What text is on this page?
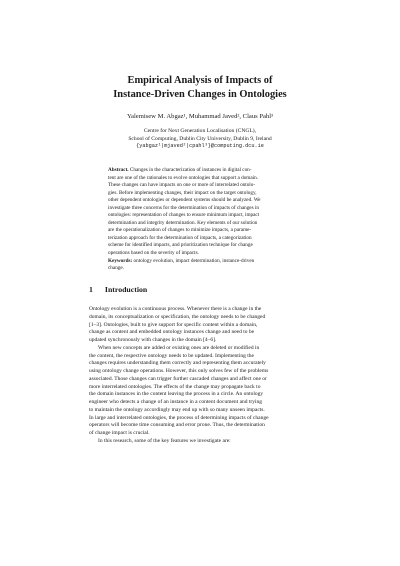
Empirical Analysis of Impacts of
Instance-Driven Changes in Ontologies
Yalemisew M. Abgaz¹, Muhammad Javed², Claus Pahl³
Centre for Next Generation Localisation (CNGL),
School of Computing, Dublin City University, Dublin 9, Ireland
{yabgaz¹|mjaved²|cpahl³}@computing.dcu.ie
Abstract. Changes in the characterization of instances in digital con-
tent are one of the rationales to evolve ontologies that support a domain.
These changes can have impacts on one or more of interrelated ontolo-
gies. Before implementing changes, their impact on the target ontology,
other dependent ontologies or dependent systems should be analyzed. We
investigate three concerns for the determination of impacts of changes in
ontologies: representation of changes to ensure minimum impact, impact
determination and integrity determination. Key elements of our solution
are the operationalization of changes to minimize impacts, a parame-
terization approach for the determination of impacts, a categorization
scheme for identified impacts, and prioritization technique for change
operations based on the severity of impacts.
Keywords: ontology evolution, impact determination, instance-driven
change.
1 Introduction
Ontology evolution is a continuous process. Whenever there is a change in the
domain, its conceptualization or specification, the ontology needs to be changed
[1–3]. Ontologies, built to give support for specific content within a domain,
change as content and embedded ontology instances change and need to be
updated synchronously with changes in the domain [4–6].
When new concepts are added or existing ones are deleted or modified in
the content, the respective ontology needs to be updated. Implementing the
changes requires understanding them correctly and representing them accurately
using ontology change operations. However, this only solves few of the problems
associated. Those changes can trigger further cascaded changes and affect one or
more interrelated ontologies. The effects of the change may propagate back to
the domain instances in the content leaving the process in a circle. An ontology
engineer who detects a change of an instance in a content document and trying
to maintain the ontology accordingly may end up with so many unseen impacts.
In large and interrelated ontologies, the process of determining impacts of change
operators will become time consuming and error prone. Thus, the determination
of change impact is crucial.
In this research, some of the key features we investigate are:
